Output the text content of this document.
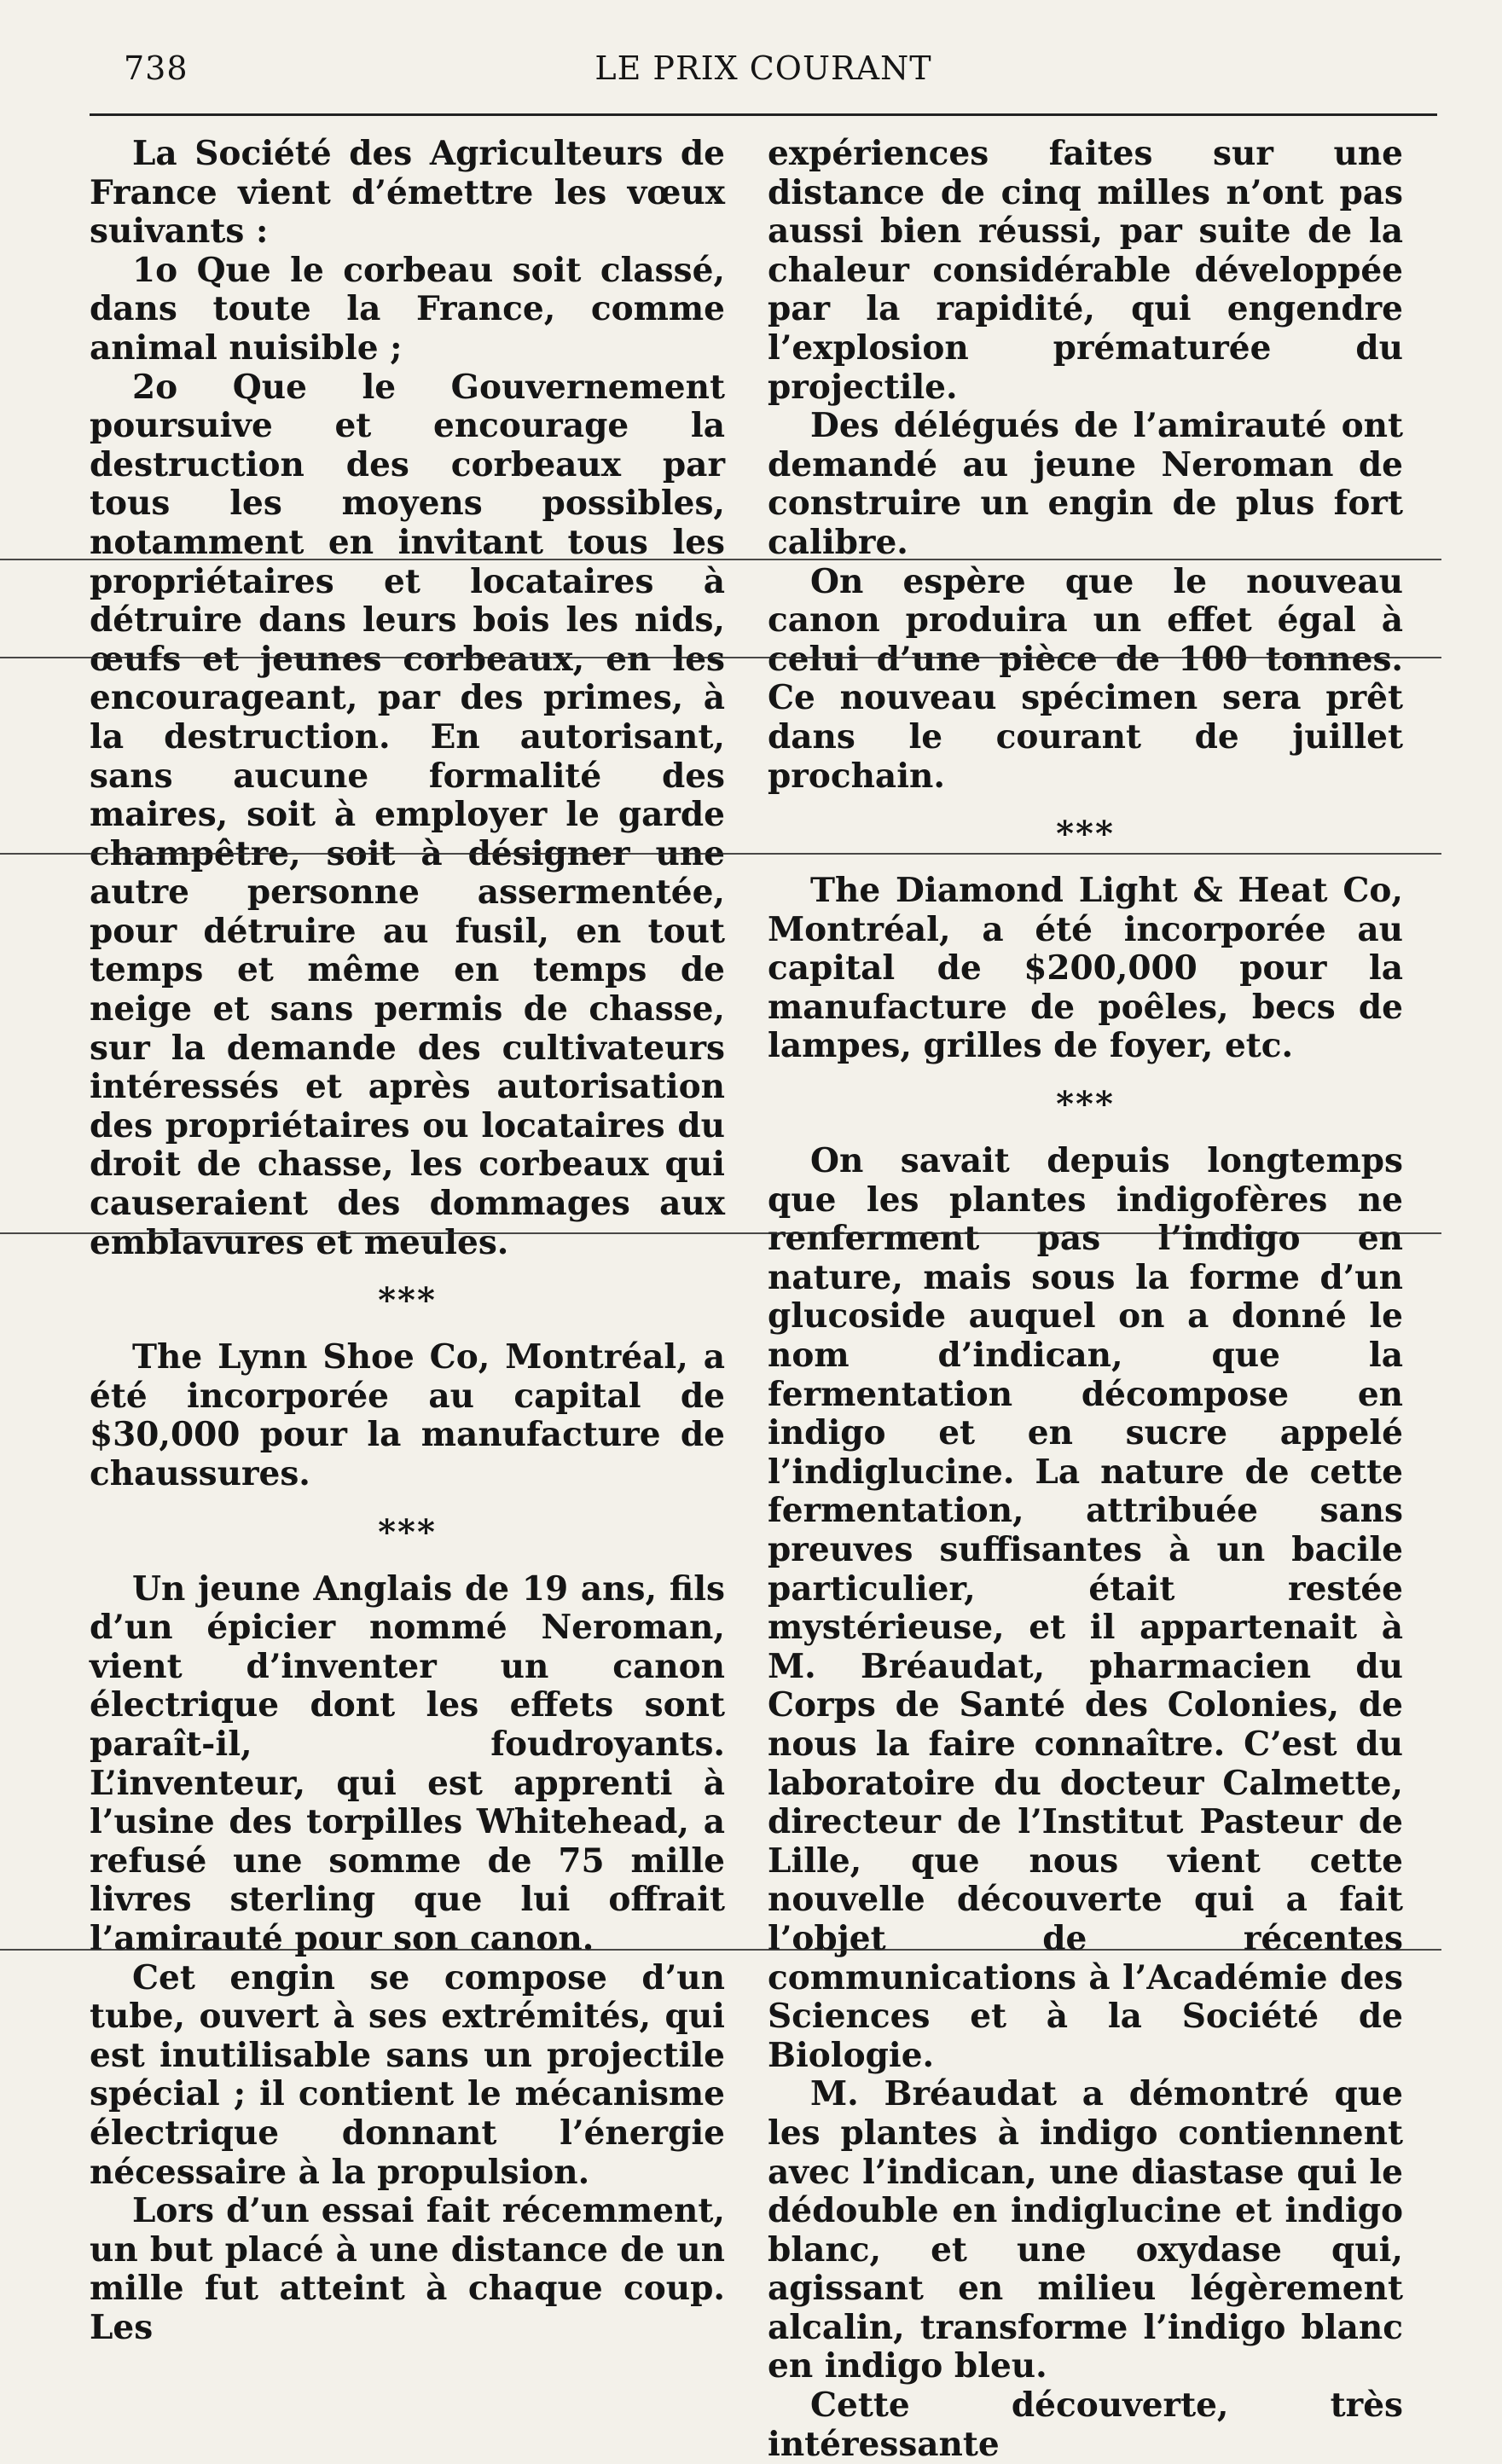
738	LE PRIX COURANT

La Société des Agriculteurs de France vient d’émettre les vœux suivants :

1o Que le corbeau soit classé, dans toute la France, comme animal nuisible ;

2o Que le Gouvernement poursuive et encourage la destruction des corbeaux par tous les moyens possibles, notamment en invitant tous les propriétaires et locataires à détruire dans leurs bois les nids, œufs et jeunes corbeaux, en les encourageant, par des primes, à la destruction. En autorisant, sans aucune formalité des maires, soit à employer le garde champêtre, soit à désigner une autre personne assermentée, pour détruire au fusil, en tout temps et même en temps de neige et sans permis de chasse, sur la demande des cultivateurs intéressés et après autorisation des propriétaires ou locataires du droit de chasse, les corbeaux qui causeraient des dommages aux emblavures et meules.

***

The Lynn Shoe Co, Montréal, a été incorporée au capital de $30,000 pour la manufacture de chaussures.

***

Un jeune Anglais de 19 ans, fils d’un épicier nommé Neroman, vient d’inventer un canon électrique dont les effets sont paraît-il, foudroyants. L’inventeur, qui est apprenti à l’usine des torpilles Whitehead, a refusé une somme de 75 mille livres sterling que lui offrait l’amirauté pour son canon.

Cet engin se compose d’un tube, ouvert à ses extrémités, qui est inutilisable sans un projectile spécial ; il contient le mécanisme électrique donnant l’énergie nécessaire à la propulsion.

Lors d’un essai fait récemment, un but placé à une distance de un mille fut atteint à chaque coup. Les

expériences faites sur une distance de cinq milles n’ont pas aussi bien réussi, par suite de la chaleur considérable développée par la rapidité, qui engendre l’explosion prématurée du projectile.

Des délégués de l’amirauté ont demandé au jeune Neroman de construire un engin de plus fort calibre.

On espère que le nouveau canon produira un effet égal à celui d’une pièce de 100 tonnes. Ce nouveau spécimen sera prêt dans le courant de juillet prochain.

***

The Diamond Light & Heat Co, Montréal, a été incorporée au capital de $200,000 pour la manufacture de poêles, becs de lampes, grilles de foyer, etc.

***

On savait depuis longtemps que les plantes indigofères ne renferment pas l’indigo en nature, mais sous la forme d’un glucoside auquel on a donné le nom d’indican, que la fermentation décompose en indigo et en sucre appelé l’indiglucine. La nature de cette fermentation, attribuée sans preuves suffisantes à un bacile particulier, était restée mystérieuse, et il appartenait à M. Bréaudat, pharmacien du Corps de Santé des Colonies, de nous la faire connaître. C’est du laboratoire du docteur Calmette, directeur de l’Institut Pasteur de Lille, que nous vient cette nouvelle découverte qui a fait l’objet de récentes communications à l’Académie des Sciences et à la Société de Biologie.

M. Bréaudat a démontré que les plantes à indigo contiennent avec l’indican, une diastase qui le dédouble en indiglucine et indigo blanc, et une oxydase qui, agissant en milieu légèrement alcalin, transforme l’indigo blanc en indigo bleu.

Cette découverte, très intéressante
